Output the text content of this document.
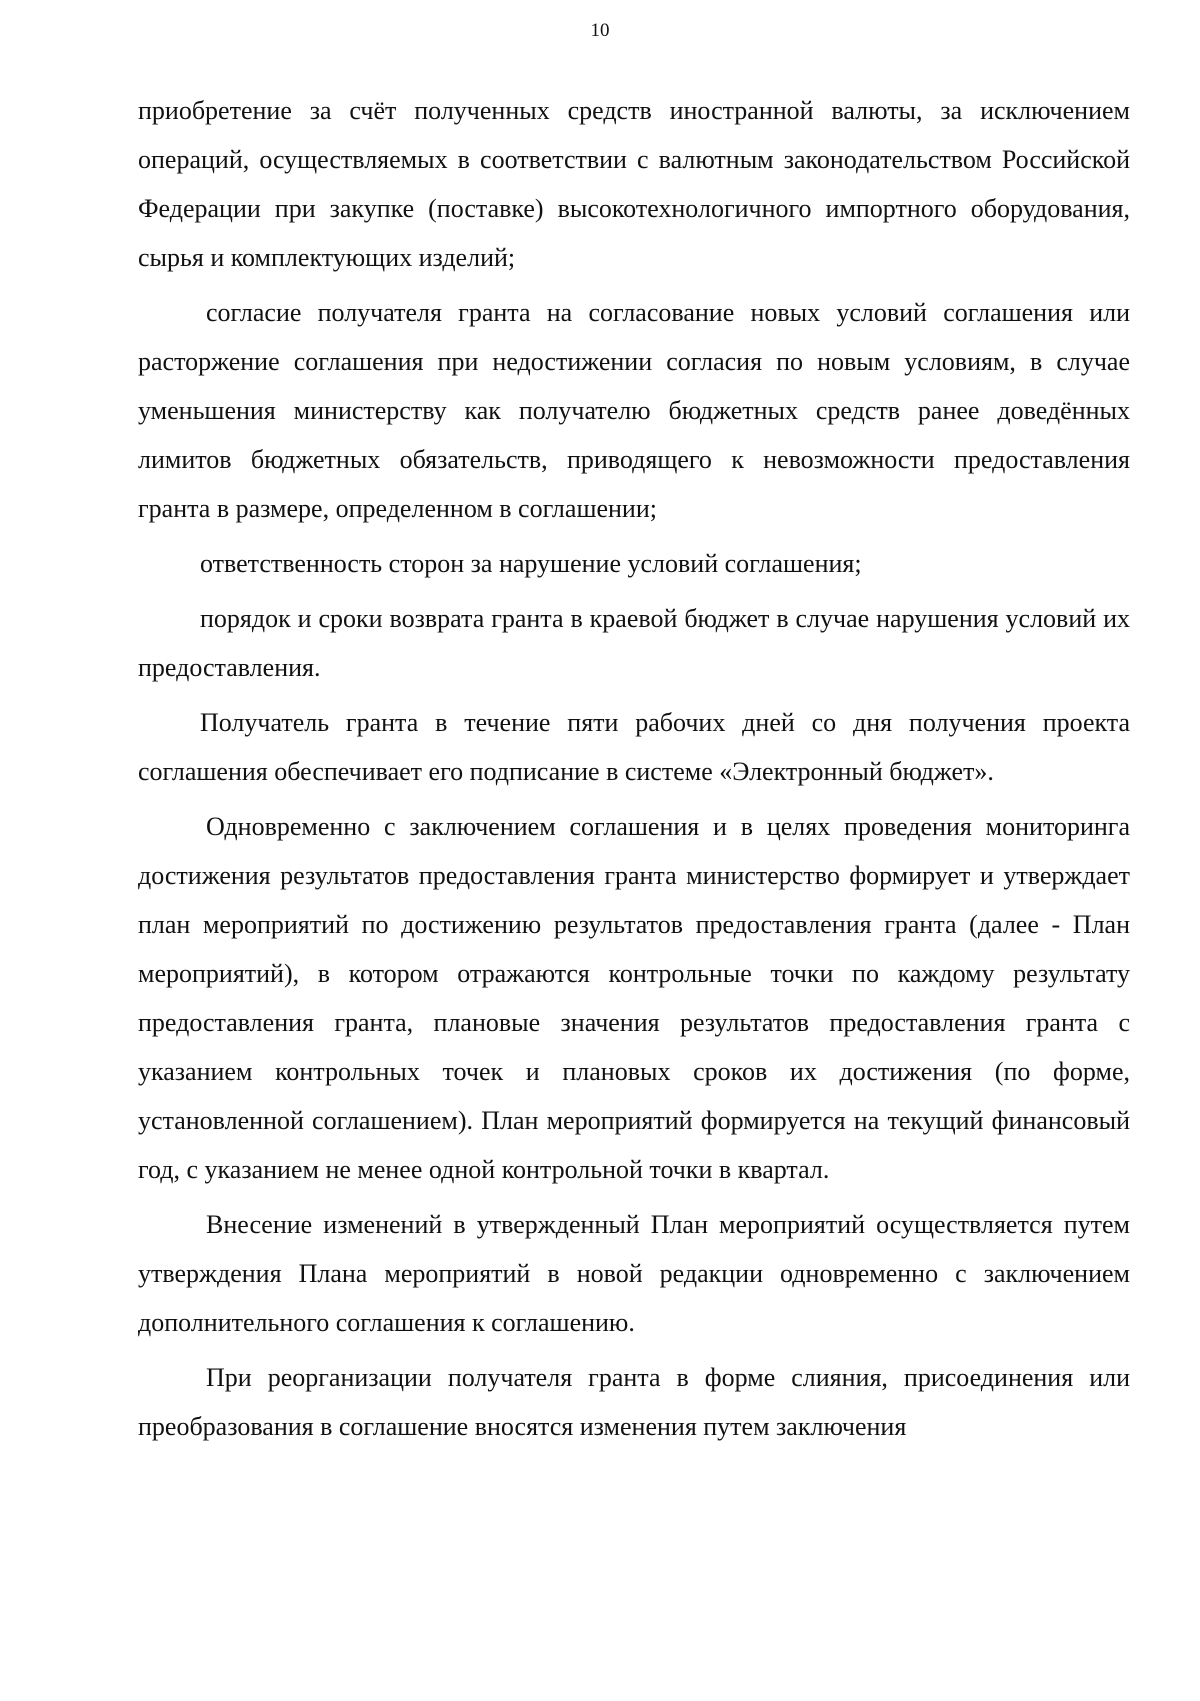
10

приобретение за счёт полученных средств иностранной валюты, за исключением операций, осуществляемых в соответствии с валютным законодательством Российской Федерации при закупке (поставке) высокотехнологичного импортного оборудования, сырья и комплектующих изделий;

согласие получателя гранта на согласование новых условий соглашения или расторжение соглашения при недостижении согласия по новым условиям, в случае уменьшения министерству как получателю бюджетных средств ранее доведённых лимитов бюджетных обязательств, приводящего к невозможности предоставления гранта в размере, определенном в соглашении;

ответственность сторон за нарушение условий соглашения;

порядок и сроки возврата гранта в краевой бюджет в случае нарушения условий их предоставления.

Получатель гранта в течение пяти рабочих дней со дня получения проекта соглашения обеспечивает его подписание в системе «Электронный бюджет».

Одновременно с заключением соглашения и в целях проведения мониторинга достижения результатов предоставления гранта министерство формирует и утверждает план мероприятий по достижению результатов предоставления гранта (далее - План мероприятий), в котором отражаются контрольные точки по каждому результату предоставления гранта, плановые значения результатов предоставления гранта с указанием контрольных точек и плановых сроков их достижения (по форме, установленной соглашением). План мероприятий формируется на текущий финансовый год, с указанием не менее одной контрольной точки в квартал.

Внесение изменений в утвержденный План мероприятий осуществляется путем утверждения Плана мероприятий в новой редакции одновременно с заключением дополнительного соглашения к соглашению.

При реорганизации получателя гранта в форме слияния, присоединения или преобразования в соглашение вносятся изменения путем заключения
